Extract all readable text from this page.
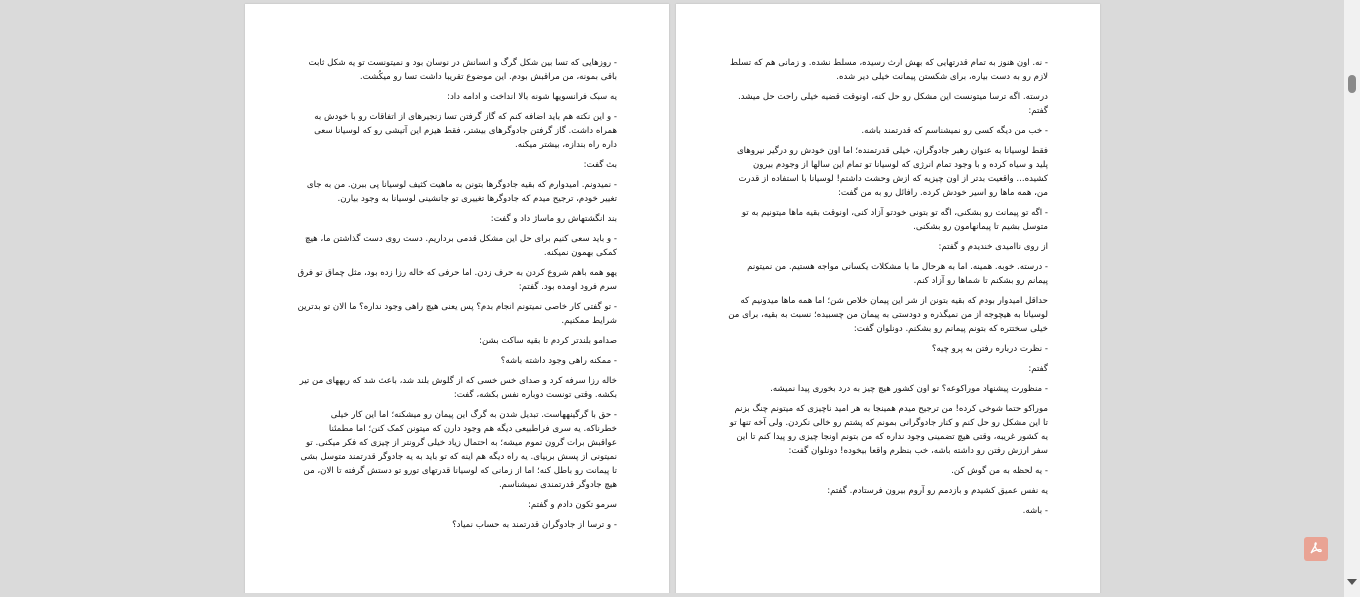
- روزهایی که تسا بین شکل گرگ و انسانش در نوسان بود و نمیتونست تو یه شکل ثابت باقی بمونه، من مراقبش بودم. این موضوع تقریبا داشت تسا رو میکُشت.

یه سبک فرانسویها شونه بالا انداخت و ادامه داد:

- و این نکته هم باید اضافه کنم که گاز گرفتن تسا زنجیرهای از اتفاقات رو با خودش به همراه داشت. گاز گرفتن جادوگرهای بیشتر، فقط هیزم این آتیشی رو که لوسیانا سعی داره راه بندازه، بیشتر میکنه.

بث گفت:

- نمیدونم. امیدوارم که بقیه جادوگرها بتونن به ماهیت کثیف لوسیانا پی ببرن. من به جای تغییر خودم، ترجیح میدم که جادوگرها تغییری تو جانشینی لوسیانا به وجود بیارن.

بند انگشتهاش رو ماساژ داد و گفت:

- و باید سعی کنیم برای حل این مشکل قدمی برداریم. دست روی دست گذاشتن ما، هیچ کمکی بهمون نمیکنه.

یهو همه باهم شروع کردن به حرف زدن. اما حرفی که خاله رزا زده بود، مثل چماق تو فرق سرم فرود اومده بود. گفتم:

- تو گفتی کار خاصی نمیتونم انجام بدم؟ پس یعنی هیچ راهی وجود نداره؟ ما الان تو بدترین شرایط ممکنیم.

صدامو بلندتر کردم تا بقیه ساکت بشن:

- ممکنه راهی وجود داشته باشه؟

خاله رزا سرفه کرد و صدای خس خسی که از گلوش بلند شد، باعث شد که ریههای من تیر بکشه. وقتی تونست دوباره نفس بکشه، گفت:

- حق با گرگینههاست. تبدیل شدن به گرگ این پیمان رو میشکنه؛ اما این کار خیلی خطرناکه. یه سری فراطبیعی دیگه هم وجود دارن که میتونن کمک کنن؛ اما مطمئنا عواقبش برات گرون تموم میشه؛ به احتمال زیاد خیلی گرونتر از چیزی که فکر میکنی. تو نمیتونی از پسش بربیای. یه راه دیگه هم اینه که تو باید به یه جادوگر قدرتمند متوسل بشی تا پیمانت رو باطل کنه؛ اما از زمانی که لوسیانا قدرتهای تورو تو دستش گرفته تا الان، من هیچ جادوگر قدرتمندی نمیشناسم.

سرمو تکون دادم و گفتم:

- و ترسا از جادوگران قدرتمند به حساب نمیاد؟

- نه. اون هنوز به تمام قدرتهایی که بهش ارث رسیده، مسلط نشده. و زمانی هم که تسلط لازم رو به دست بیاره، برای شکستن پیمانت خیلی دیر شده.

درسته. اگه ترسا میتونست این مشکل رو حل کنه، اونوقت قضیه خیلی راحت حل میشد. گفتم:

- خب من دیگه کسی رو نمیشناسم که قدرتمند باشه.

فقط لوسیانا به عنوان رهبر جادوگران، خیلی قدرتمنده؛ اما اون خودش رو درگیر نیروهای پلید و سیاه کرده و با وجود تمام انرژی که لوسیانا تو تمام این سالها از وجودم بیرون کشیده... واقعیت بدتر از اون چیزیه که ازش وحشت داشتم! لوسیانا با استفاده از قدرت من، همه ماها رو اسیر خودش کرده. رافائل رو به من گفت:

- اگه تو پیمانت رو بشکنی، اگه تو بتونی خودتو آزاد کنی، اونوقت بقیه ماها میتونیم به تو متوسل بشیم تا پیمانهامون رو بشکنی.

از روی ناامیدی خندیدم و گفتم:

- درسته. خوبه. همینه. اما به هرحال ما با مشکلات یکسانی مواجه هستیم. من نمیتونم پیمانم رو بشکنم تا شماها رو آزاد کنم.

حداقل امیدوار بودم که بقیه بتونن از شر این پیمان خلاص شن؛ اما همه ماها میدونیم که لوسیانا به هیچوجه از من نمیگذره و دودستی به پیمان من چسبیده؛ نسبت به بقیه، برای من خیلی سختتره که بتونم پیمانم رو بشکنم. دونلوان گفت:

- نظرت درباره رفتن به پرو چیه؟

گفتم:

- منظورت پیشنهاد موراکوعه؟ تو اون کشور هیچ چیز به درد بخوری پیدا نمیشه.

موراکو حتما شوخی کرده! من ترجیح میدم همینجا به هر امید ناچیزی که میتونم چنگ بزنم تا این مشکل رو حل کنم و کنار جادوگرانی بمونم که پشتم رو خالی نکردن. ولی آخه تنها تو یه کشور غریبه، وقتی هیچ تضمینی وجود نداره که من بتونم اونجا چیزی رو پیدا کنم تا این سفر ارزش رفتن رو داشته باشه، خب بنظرم واقعا بیخوده! دونلوان گفت:

- یه لحظه به من گوش کن.

یه نفس عمیق کشیدم و بازدمم رو آروم بیرون فرستادم. گفتم:

- باشه.
